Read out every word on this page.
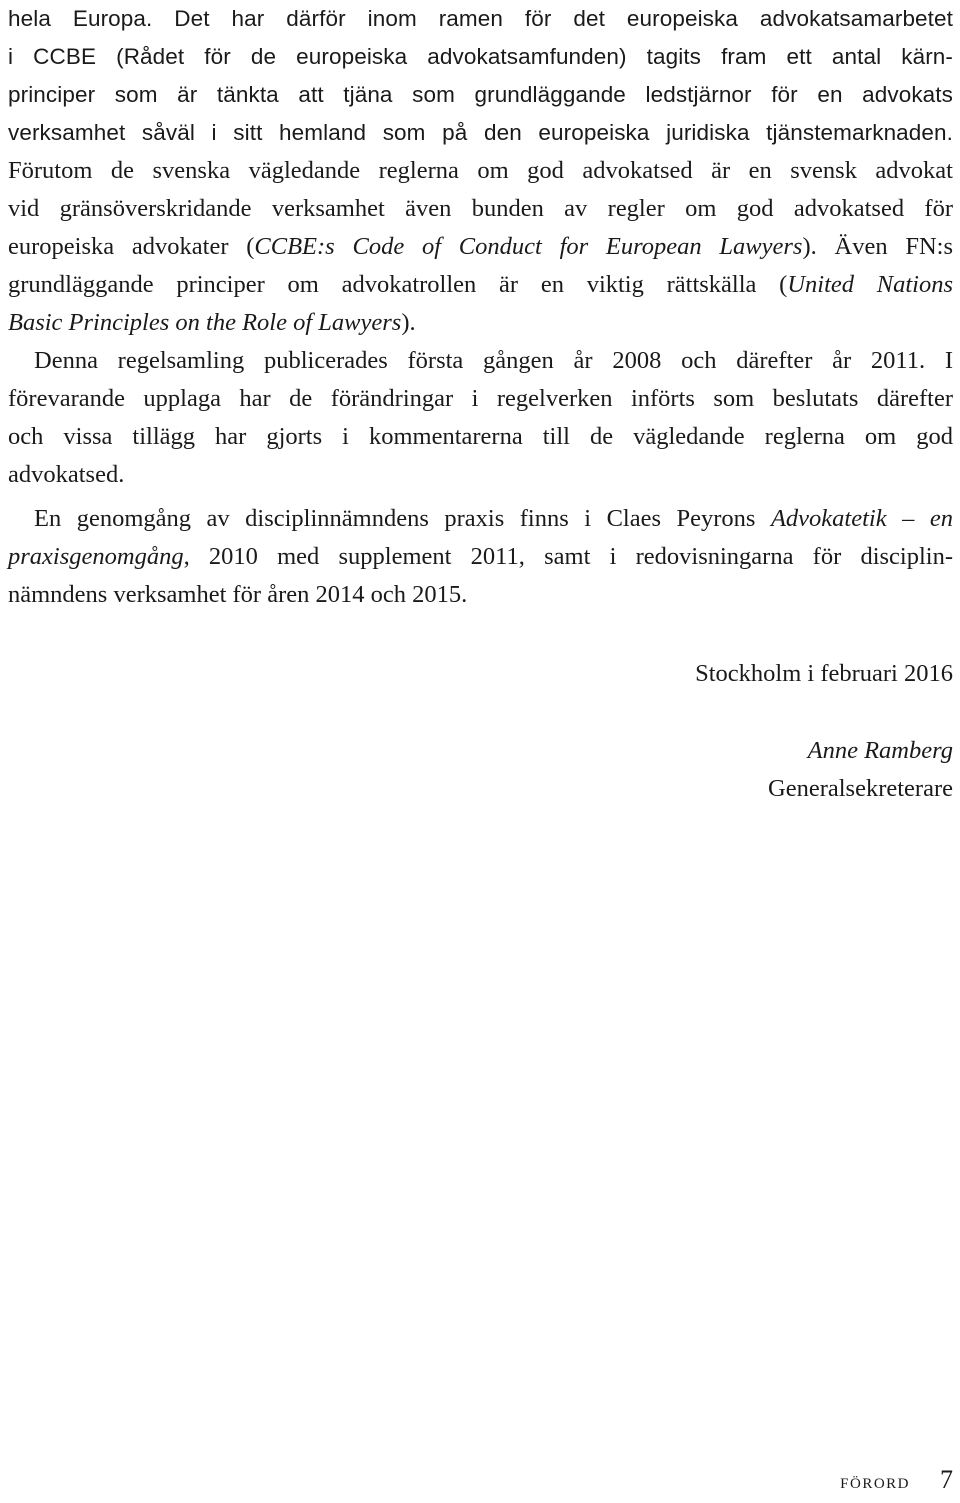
hela Europa. Det har därför inom ramen för det europeiska advokatsamarbetet
i CCBE (Rådet för de europeiska advokatsamfunden) tagits fram ett antal kärn-
principer som är tänkta att tjäna som grundläggande ledstjärnor för en advokats
verksamhet såväl i sitt hemland som på den europeiska juridiska tjänstemarknaden.
Förutom de svenska vägledande reglerna om god advokatsed är en svensk advokat
vid gränsöverskridande verksamhet även bunden av regler om god advokatsed för
europeiska advokater (CCBE:s Code of Conduct for European Lawyers). Även FN:s
grundläggande principer om advokatrollen är en viktig rättskälla (United Nations
Basic Principles on the Role of Lawyers).
Denna regelsamling publicerades första gången år 2008 och därefter år 2011. I
förevarande upplaga har de förändringar i regelverken införts som beslutats därefter
och vissa tillägg har gjorts i kommentarerna till de vägledande reglerna om god
advokatsed.
En genomgång av disciplinnämndens praxis finns i Claes Peyrons Advokatetik – en
praxisgenomgång, 2010 med supplement 2011, samt i redovisningarna för disciplin-
nämndens verksamhet för åren 2014 och 2015.
Stockholm i februari 2016
Anne Ramberg
Generalsekreterare
förord 7
